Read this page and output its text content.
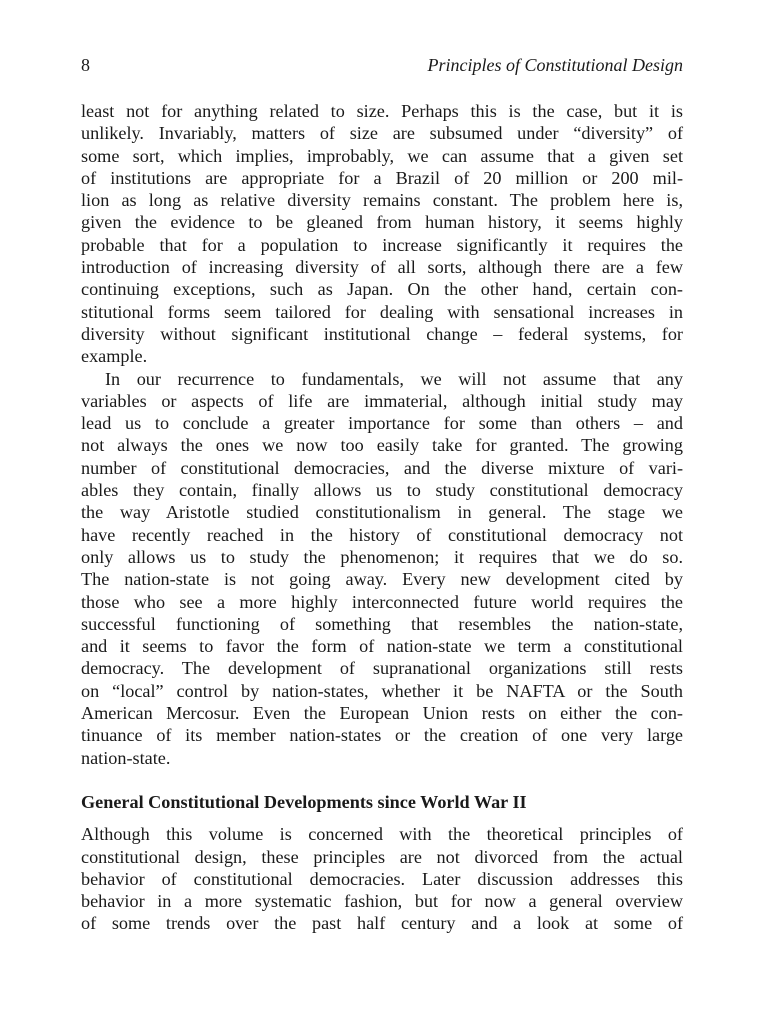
8	Principles of Constitutional Design

least not for anything related to size. Perhaps this is the case, but it is
unlikely. Invariably, matters of size are subsumed under “diversity” of
some sort, which implies, improbably, we can assume that a given set
of institutions are appropriate for a Brazil of 20 million or 200 mil-
lion as long as relative diversity remains constant. The problem here is,
given the evidence to be gleaned from human history, it seems highly
probable that for a population to increase significantly it requires the
introduction of increasing diversity of all sorts, although there are a few
continuing exceptions, such as Japan. On the other hand, certain con-
stitutional forms seem tailored for dealing with sensational increases in
diversity without significant institutional change – federal systems, for
example.

In our recurrence to fundamentals, we will not assume that any
variables or aspects of life are immaterial, although initial study may
lead us to conclude a greater importance for some than others – and
not always the ones we now too easily take for granted. The growing
number of constitutional democracies, and the diverse mixture of vari-
ables they contain, finally allows us to study constitutional democracy
the way Aristotle studied constitutionalism in general. The stage we
have recently reached in the history of constitutional democracy not
only allows us to study the phenomenon; it requires that we do so.
The nation-state is not going away. Every new development cited by
those who see a more highly interconnected future world requires the
successful functioning of something that resembles the nation-state,
and it seems to favor the form of nation-state we term a constitutional
democracy. The development of supranational organizations still rests
on “local” control by nation-states, whether it be NAFTA or the South
American Mercosur. Even the European Union rests on either the con-
tinuance of its member nation-states or the creation of one very large
nation-state.

General Constitutional Developments since World War II

Although this volume is concerned with the theoretical principles of
constitutional design, these principles are not divorced from the actual
behavior of constitutional democracies. Later discussion addresses this
behavior in a more systematic fashion, but for now a general overview
of some trends over the past half century and a look at some of
